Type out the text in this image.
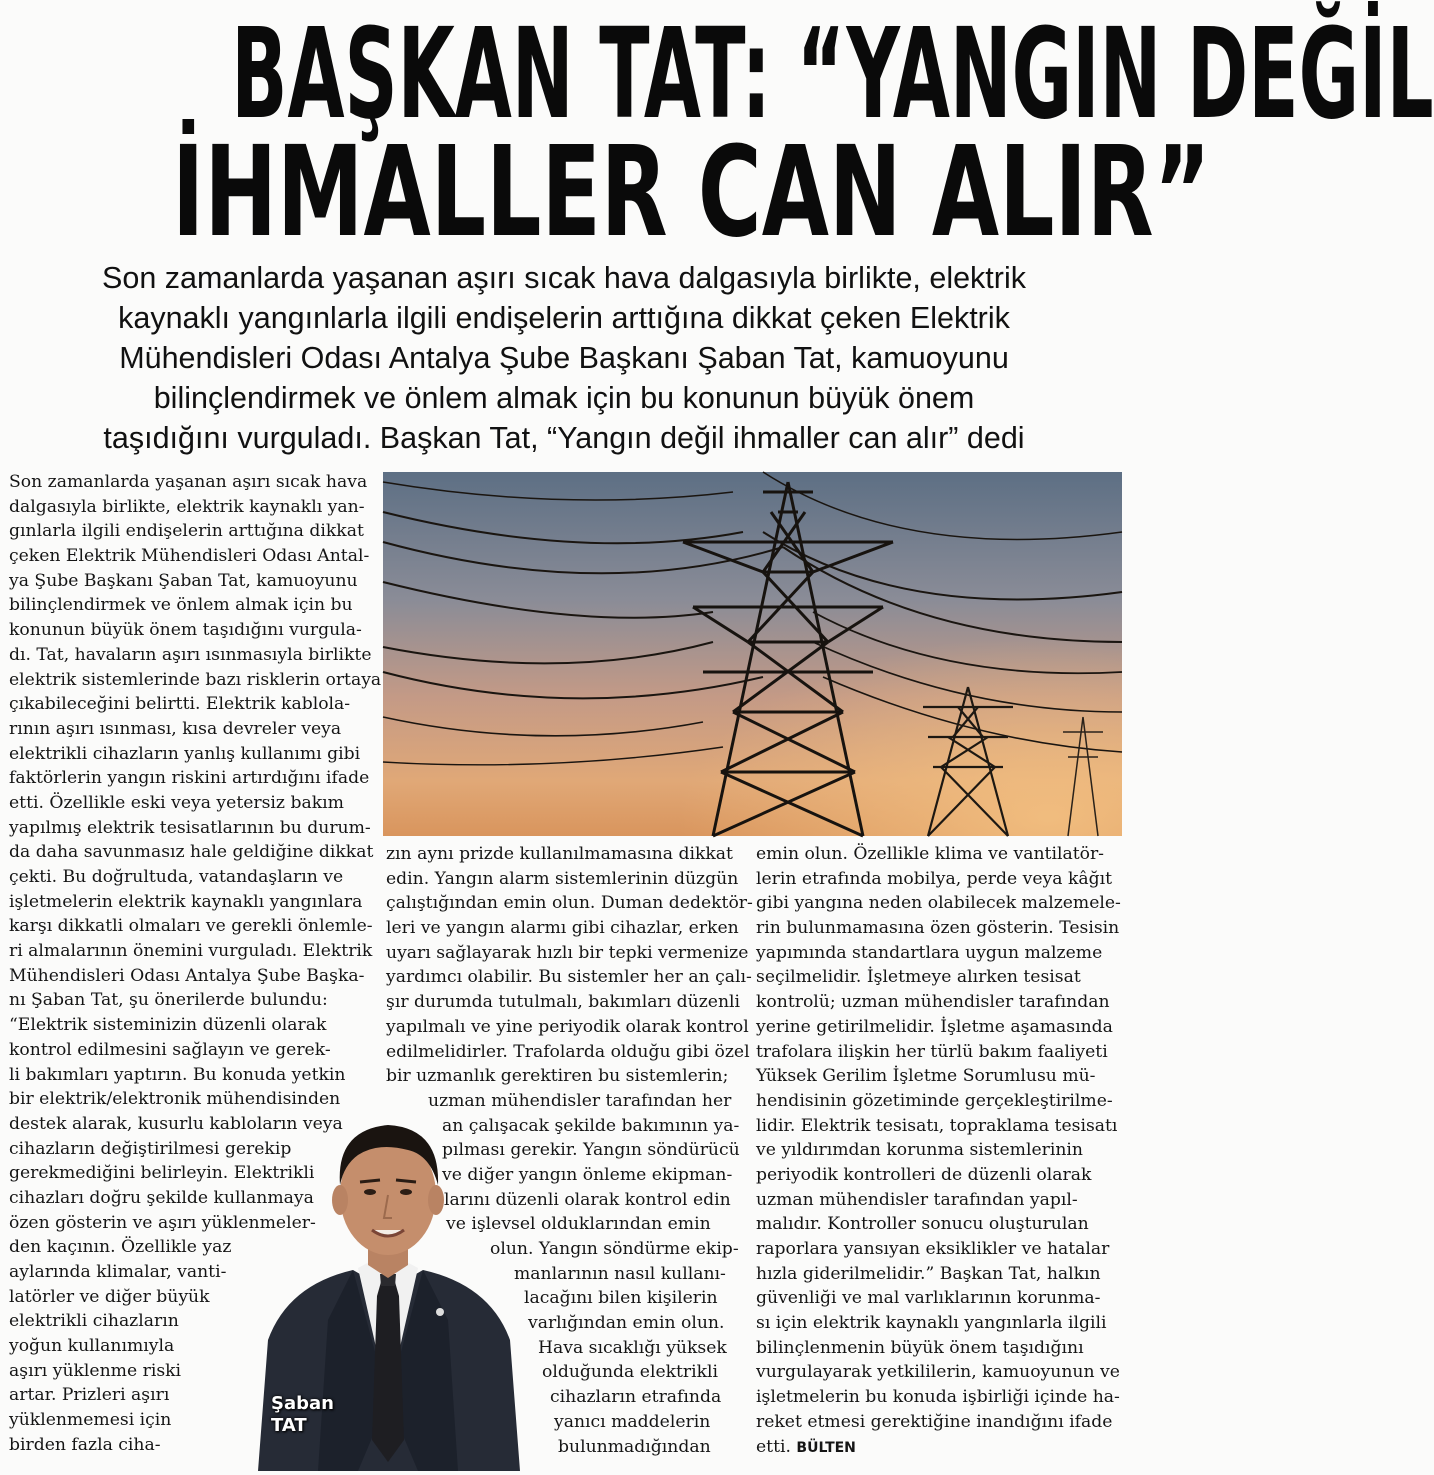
BAŞKAN TAT: “YANGIN DEĞİL
İHMALLER CAN ALIR”
Son zamanlarda yaşanan aşırı sıcak hava dalgasıyla birlikte, elektrik
kaynaklı yangınlarla ilgili endişelerin arttığına dikkat çeken Elektrik
Mühendisleri Odası Antalya Şube Başkanı Şaban Tat, kamuoyunu
bilinçlendirmek ve önlem almak için bu konunun büyük önem
taşıdığını vurguladı. Başkan Tat, “Yangın değil ihmaller can alır” dedi
Son zamanlarda yaşanan aşırı sıcak hava
dalgasıyla birlikte, elektrik kaynaklı yan-
gınlarla ilgili endişelerin arttığına dikkat
çeken Elektrik Mühendisleri Odası Antal-
ya Şube Başkanı Şaban Tat, kamuoyunu
bilinçlendirmek ve önlem almak için bu
konunun büyük önem taşıdığını vurgula-
dı. Tat, havaların aşırı ısınmasıyla birlikte
elektrik sistemlerinde bazı risklerin ortaya
çıkabileceğini belirtti. Elektrik kablola-
rının aşırı ısınması, kısa devreler veya
elektrikli cihazların yanlış kullanımı gibi
faktörlerin yangın riskini artırdığını ifade
etti. Özellikle eski veya yetersiz bakım
yapılmış elektrik tesisatlarının bu durum-
da daha savunmasız hale geldiğine dikkat
çekti. Bu doğrultuda, vatandaşların ve
işletmelerin elektrik kaynaklı yangınlara
karşı dikkatli olmaları ve gerekli önlemle-
ri almalarının önemini vurguladı. Elektrik
Mühendisleri Odası Antalya Şube Başka-
nı Şaban Tat, şu önerilerde bulundu:
“Elektrik sisteminizin düzenli olarak
kontrol edilmesini sağlayın ve gerek-
li bakımları yaptırın. Bu konuda yetkin
bir elektrik/elektronik mühendisinden
destek alarak, kusurlu kabloların veya
cihazların değiştirilmesi gerekip
gerekmediğini belirleyin. Elektrikli
cihazları doğru şekilde kullanmaya
özen gösterin ve aşırı yüklenmeler-
den kaçının. Özellikle yaz
aylarında klimalar, vanti-
latörler ve diğer büyük
elektrikli cihazların
yoğun kullanımıyla
aşırı yüklenme riski
artar. Prizleri aşırı
yüklenmemesi için
birden fazla ciha-
zın aynı prizde kullanılmamasına dikkat
edin. Yangın alarm sistemlerinin düzgün
çalıştığından emin olun. Duman dedektör-
leri ve yangın alarmı gibi cihazlar, erken
uyarı sağlayarak hızlı bir tepki vermenize
yardımcı olabilir. Bu sistemler her an çalı-
şır durumda tutulmalı, bakımları düzenli
yapılmalı ve yine periyodik olarak kontrol
edilmelidirler. Trafolarda olduğu gibi özel
bir uzmanlık gerektiren bu sistemlerin;
uzman mühendisler tarafından her
an çalışacak şekilde bakımının ya-
pılması gerekir. Yangın söndürücü
ve diğer yangın önleme ekipman-
larını düzenli olarak kontrol edin
ve işlevsel olduklarından emin
olun. Yangın söndürme ekip-
manlarının nasıl kullanı-
lacağını bilen kişilerin
varlığından emin olun.
Hava sıcaklığı yüksek
olduğunda elektrikli
cihazların etrafında
yanıcı maddelerin
bulunmadığından
emin olun. Özellikle klima ve vantilatör-
lerin etrafında mobilya, perde veya kâğıt
gibi yangına neden olabilecek malzemele-
rin bulunmamasına özen gösterin. Tesisin
yapımında standartlara uygun malzeme
seçilmelidir. İşletmeye alırken tesisat
kontrolü; uzman mühendisler tarafından
yerine getirilmelidir. İşletme aşamasında
trafolara ilişkin her türlü bakım faaliyeti
Yüksek Gerilim İşletme Sorumlusu mü-
hendisinin gözetiminde gerçekleştirilme-
lidir. Elektrik tesisatı, topraklama tesisatı
ve yıldırımdan korunma sistemlerinin
periyodik kontrolleri de düzenli olarak
uzman mühendisler tarafından yapıl-
malıdır. Kontroller sonucu oluşturulan
raporlara yansıyan eksiklikler ve hatalar
hızla giderilmelidir.” Başkan Tat, halkın
güvenliği ve mal varlıklarının korunma-
sı için elektrik kaynaklı yangınlarla ilgili
bilinçlenmenin büyük önem taşıdığını
vurgulayarak yetkililerin, kamuoyunun ve
işletmelerin bu konuda işbirliği içinde ha-
reket etmesi gerektiğine inandığını ifade
etti. BÜLTEN
Şaban
TAT
